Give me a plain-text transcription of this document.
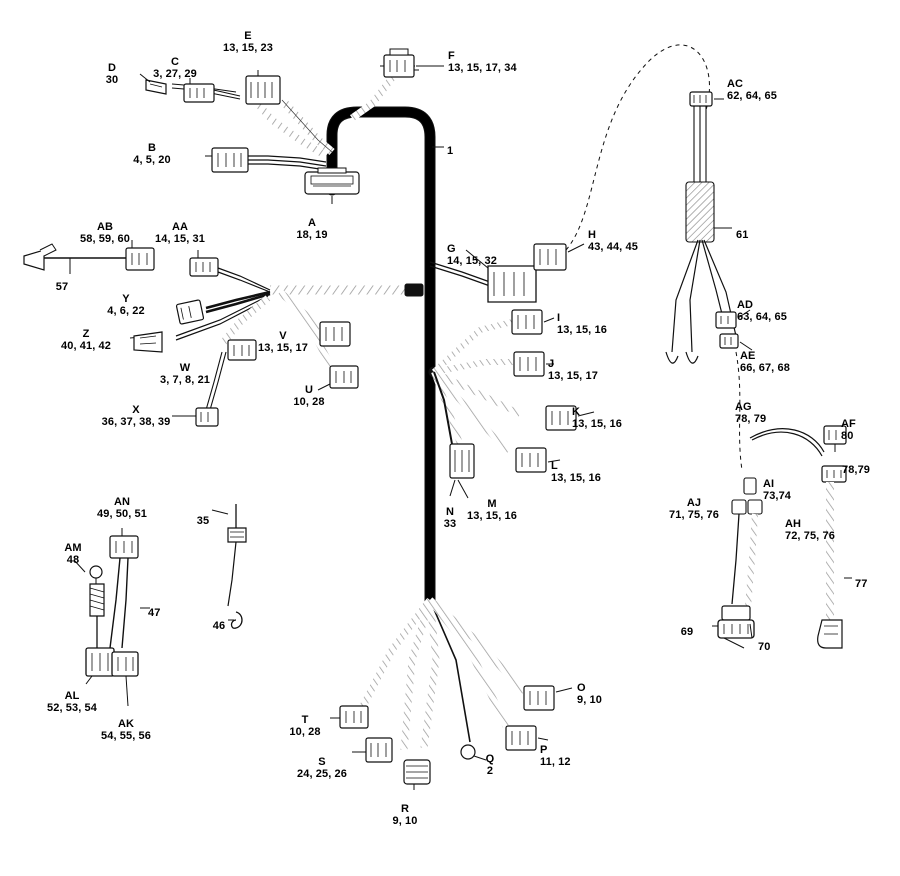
D
30
C
3, 27, 29
E
13, 15, 23
F
13, 15, 17, 34
B
4, 5, 20
A
18, 19
AC
62, 64, 65
G
14, 15, 32
H
43, 44, 45
AB
58, 59, 60
AA
14, 15, 31
Y
4, 6, 22
Z
40, 41, 42
W
3, 7, 8, 21
X
36, 37, 38, 39
V
13, 15, 17
U
10, 28
I
13, 15, 16
J
13, 15, 17
K
13, 15, 16
L
13, 15, 16
M
13, 15, 16
N
33
AD
63, 64, 65
AE
66, 67, 68
AG
78, 79	AF
80
AI
73,74
AJ
71, 75, 76
AH
72, 75, 76
AN
49, 50, 51
AM
48
AL
52, 53, 54
AK
54, 55, 56
T
10, 28
S
24, 25, 26
R
9, 10
Q
2
P
11, 12
O
9, 10
1
57
61
35
46
47
78,79
77
69
70
